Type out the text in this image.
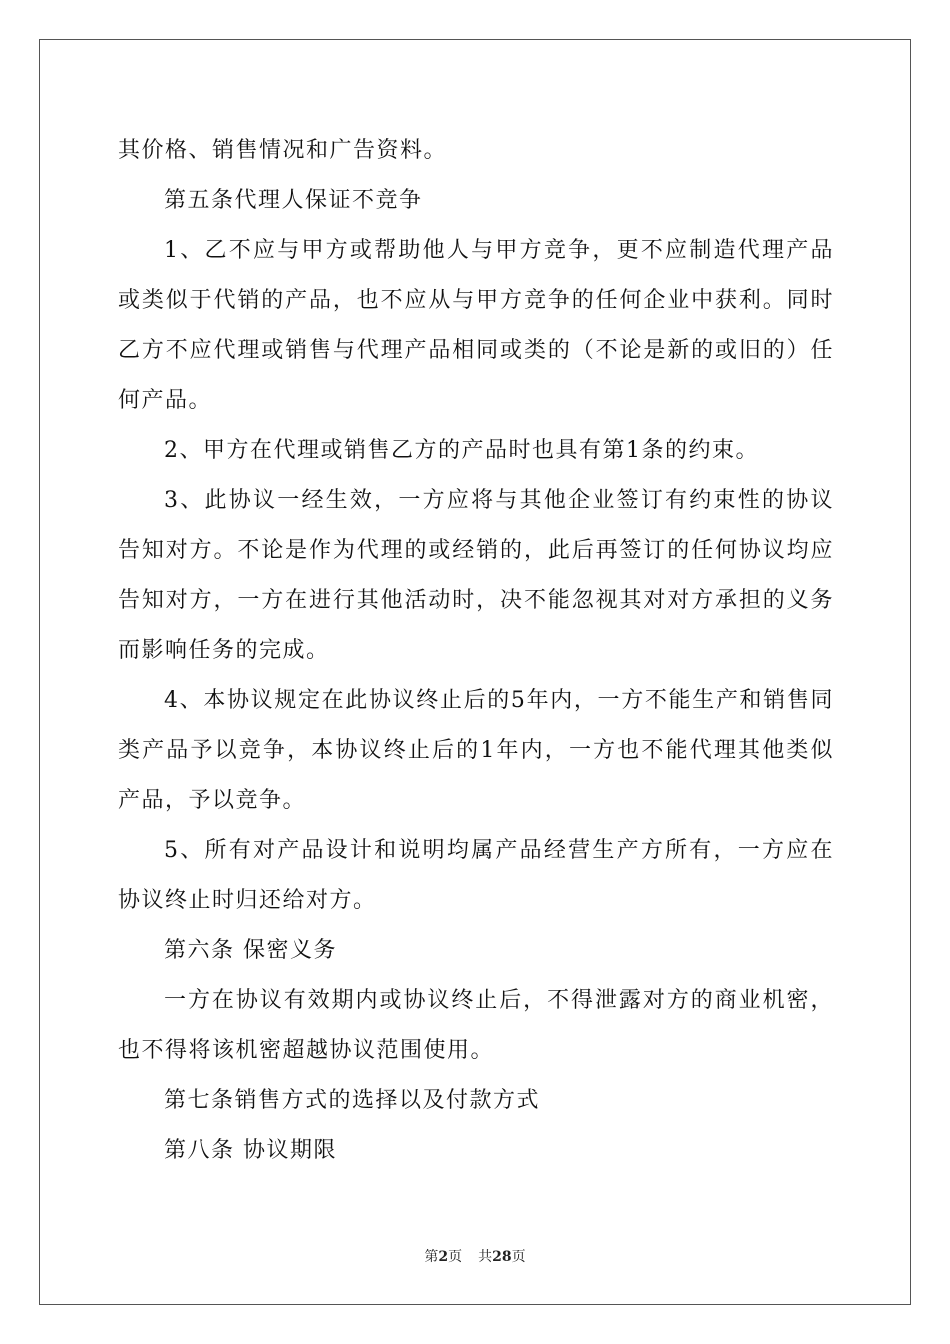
其价格、销售情况和广告资料。

第五条代理人保证不竞争

1、乙不应与甲方或帮助他人与甲方竞争，更不应制造代理产品或类似于代销的产品，也不应从与甲方竞争的任何企业中获利。同时乙方不应代理或销售与代理产品相同或类的（不论是新的或旧的）任何产品。

2、甲方在代理或销售乙方的产品时也具有第1条的约束。

3、此协议一经生效，一方应将与其他企业签订有约束性的协议告知对方。不论是作为代理的或经销的，此后再签订的任何协议均应告知对方，一方在进行其他活动时，决不能忽视其对对方承担的义务而影响任务的完成。

4、本协议规定在此协议终止后的5年内，一方不能生产和销售同类产品予以竞争，本协议终止后的1年内，一方也不能代理其他类似产品，予以竞争。

5、所有对产品设计和说明均属产品经营生产方所有，一方应在协议终止时归还给对方。

第六条 保密义务

一方在协议有效期内或协议终止后，不得泄露对方的商业机密，也不得将该机密超越协议范围使用。

第七条销售方式的选择以及付款方式

第八条 协议期限

第2页 共28页
